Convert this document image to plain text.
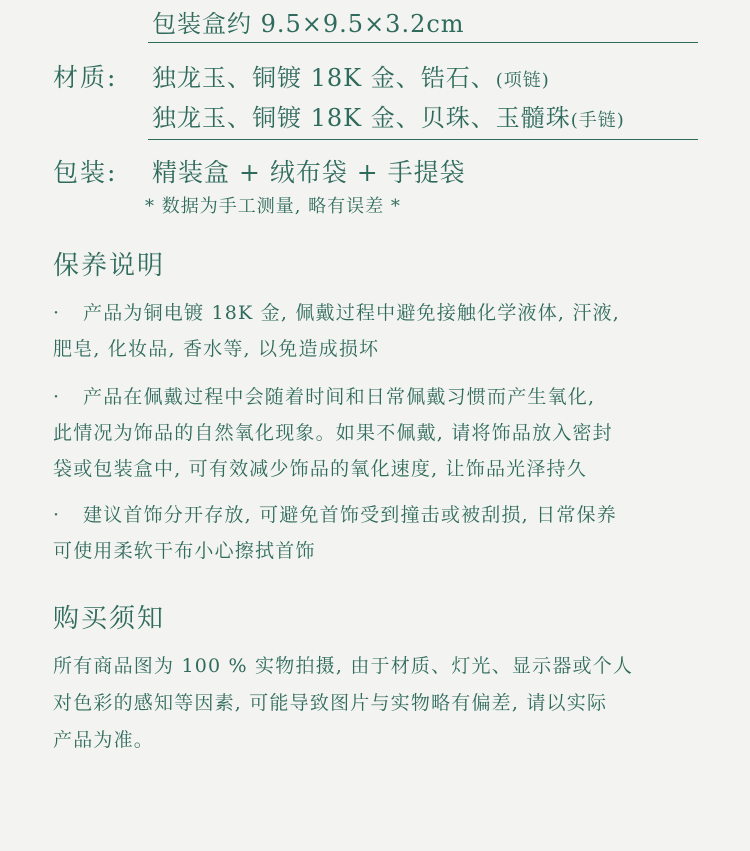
包装盒约 9.5×9.5×3.2cm
材质: 独龙玉、铜镀 18K 金、锆石、(项链)
独龙玉、铜镀 18K 金、贝珠、玉髓珠(手链)
包装: 精装盒 + 绒布袋 + 手提袋
* 数据为手工测量, 略有误差 *
保养说明
· 产品为铜电镀 18K 金, 佩戴过程中避免接触化学液体, 汗液,
肥皂, 化妆品, 香水等, 以免造成损坏
· 产品在佩戴过程中会随着时间和日常佩戴习惯而产生氧化,
此情况为饰品的自然氧化现象。如果不佩戴, 请将饰品放入密封
袋或包装盒中, 可有效减少饰品的氧化速度, 让饰品光泽持久
· 建议首饰分开存放, 可避免首饰受到撞击或被刮损, 日常保养
可使用柔软干布小心擦拭首饰
购买须知
所有商品图为 100 % 实物拍摄, 由于材质、灯光、显示器或个人
对色彩的感知等因素, 可能导致图片与实物略有偏差, 请以实际
产品为准。
